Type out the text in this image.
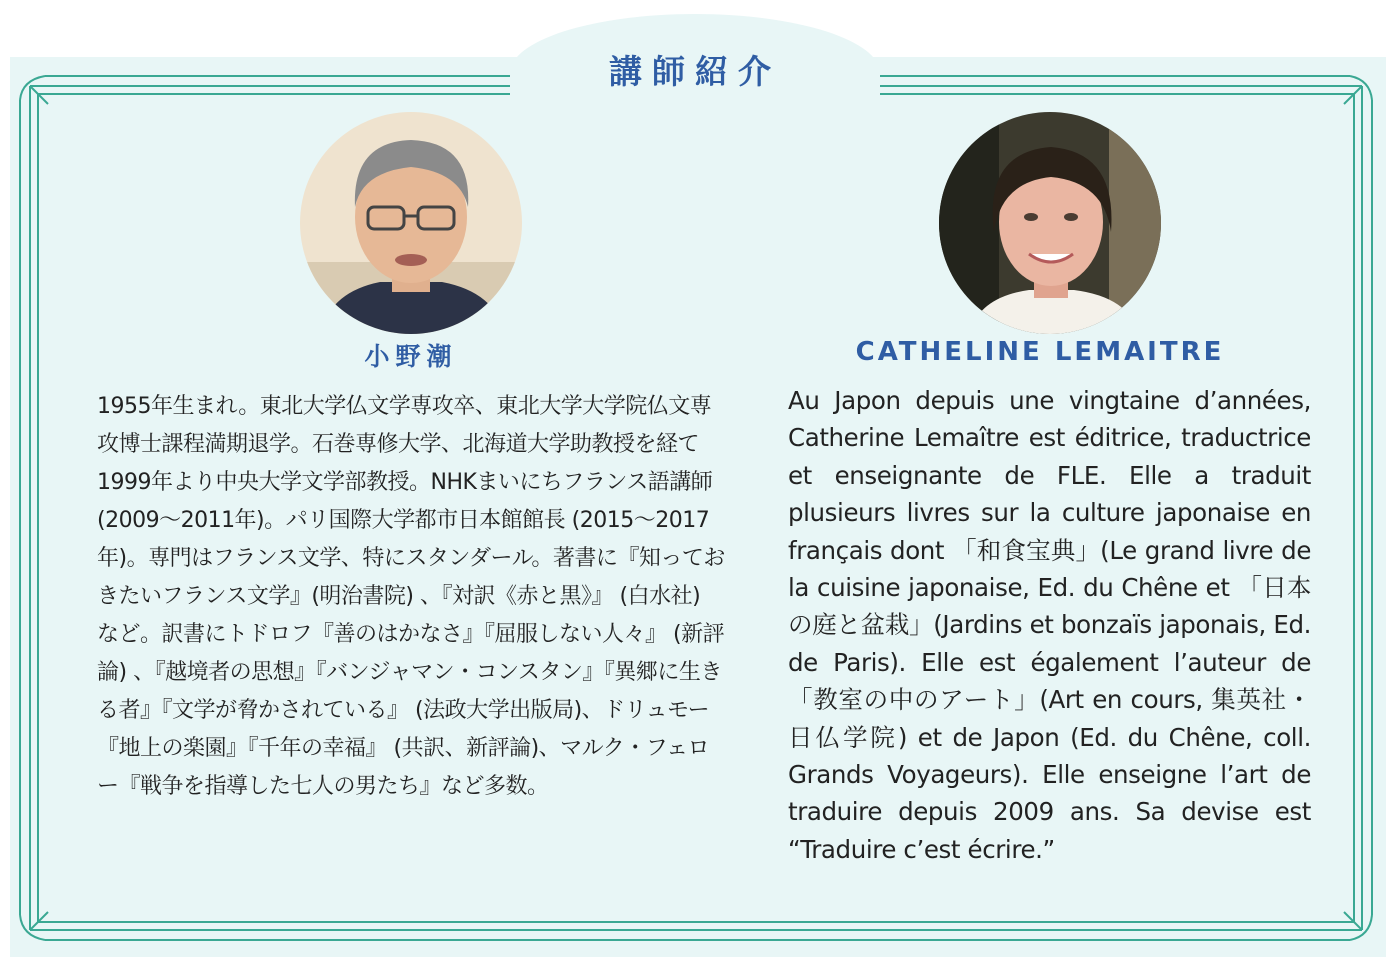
講師紹介
小野潮	CATHELINE LEMAITRE
1955年生まれ。東北大学仏文学専攻卒、東北大学大学院仏文専攻博士課程満期退学。石巻専修大学、北海道大学助教授を経て1999年より中央大学文学部教授。NHKまいにちフランス語講師 (2009〜2011年)。パリ国際大学都市日本館館長 (2015〜2017年)。専門はフランス文学、特にスタンダール。著書に『知っておきたいフランス文学』(明治書院) 、『対訳《赤と黒》』 (白水社) など。訳書にトドロフ『善のはかなさ』『屈服しない人々』 (新評論) 、『越境者の思想』『バンジャマン・コンスタン』『異郷に生きる者』『文学が脅かされている』 (法政大学出版局)、ドリュモー『地上の楽園』『千年の幸福』 (共訳、新評論)、マルク・フェロー『戦争を指導した七人の男たち』など多数。
Au Japon depuis une vingtaine d’années, Catherine Lemaître est éditrice, traductrice et enseignante de FLE. Elle a traduit plusieurs livres sur la culture japonaise en français dont 「和食宝典」(Le grand livre de la cuisine japonaise, Ed. du Chêne et 「日本の庭と盆栽」(Jardins et bonzaïs japonais, Ed. de Paris). Elle est également l’auteur de「教室の中のアート」(Art en cours, 集英社・日仏学院) et de Japon (Ed. du Chêne, coll. Grands Voyageurs). Elle enseigne l’art de traduire depuis 2009 ans. Sa devise est “Traduire c’est écrire.”
